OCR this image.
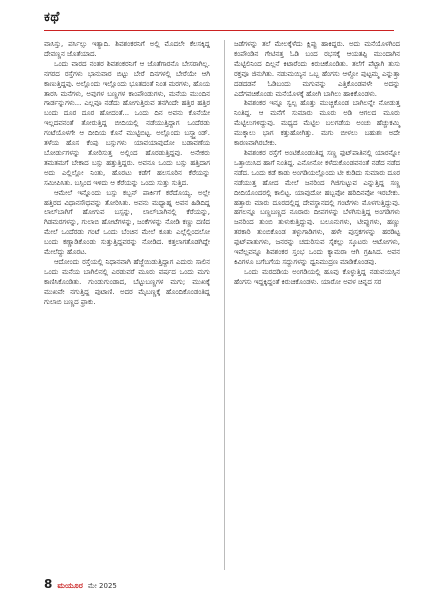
ಕಥೆ

ವಾಸಿಸ್ತು, ಪರ್ಸಿಲ್ಸು ಇತ್ಯಾದಿ. ಶಿವಶಂಕರನಿಗೆ ಅಲ್ಲಿ ಮೊದಲೇ ಕೆಲಸಕ್ಕಿದ್ದ ದೇವಣ್ಣನ ಜೊತೆಯಾದ.

ಒಂದು ವಾರದ ನಂತರ ಶಿವಶಂಕರನಿಗೆ ಆ ಜೊತೆಗಾರನೊ ಬೇಸರಾಗಿಲ್ಲ. ನಗರದ ರಸ್ತೆಗಳು ಭಾನುವಾರ ಬಿಟ್ಟು ಬೇರೆ ದಿನಗಳಲ್ಲಿ ಬೇರೆಯೇ ಆಗಿ ಕಾಣುತ್ತಿದ್ದವು. ಅಲ್ಲೊಂದು ಇಲ್ಲೊಂದು ಭೂತದಂತೆ ನಿಂತ ಮರಗಳು, ಹೊಯ ತಾರಸಿ ಮನೆಗಳು, ಅವುಗಳ ಬಣ್ಣಗಳ ಕಾಂಪೌಂಡುಗಳು, ಮನೆಯ ಮುಂದಿನ ಗಾರ್ಡನ್ನುಗಳು... ಎಲ್ಲವೂ ನಡೆದು ಹೋಗುತ್ತಿರುವ ತನಗಿಂದೇ ಹತ್ತಿರ ಹತ್ತಿರ ಬಂದು ದೂರ ದೂರ ಹೋದಂತೆ... ಒಂದು ದಿನ ಅವನು ಕೊನೆಯೇ ಇಲ್ಲದವನಂತೆ ತೋರುತ್ತಿದ್ದ ಬೀದಿಯಲ್ಲಿ ನಡೆಯುತ್ತಿದ್ದಾಗ ಒಂದೆರಡು ಗಂಟೆಯೊಳಗೇ ಆ ದೀದಿಯ ಕೊನೆ ಮುಟ್ಟಿಬಿಟ್ಟ. ಅಲ್ಲೊಂದು ಬಸ್ಸ್ಟ್ಯಾಂಡ್. ತಳೆಯ ಹೊಸ ಕೆಂಪು ಬಸ್ಸುಗಳು ಯಾವಯಾವುದೋ ಬಡಾವಣೆಯ ಬೋರ್ಡುಗಳನ್ನು ತೋರಿಸುತ್ತ ಅಲ್ಲಿಂದ ಹೊರಡುತ್ತಿದ್ದವು. ಅನೇಕರು ತಮತಮಗೆ ಬೇಕಾದ ಬಸ್ಸು ಹತ್ತುತ್ತಿದ್ದರು. ಅವನೂ ಒಂದು ಬಸ್ಸು ಹತ್ತಿದಾಗ ಅದು ಎಲ್ಲಿಲ್ಲೋ ನಿಂತು, ಹೊರಟು ಕಡೆಗೆ ಹಲಸೂರಿನ ಕೆರೆಯನ್ನು ಸಮೀಪಿಸಿತು. ಬಸ್ಸಿಂದ ಇಳಿದು ಆ ಕೆರೆಯನ್ನು ಒಂದು ಸುತ್ತು ಸುತ್ತಿದ.

ಆಮೇಲೆ ಇನ್ನೊಂದು ಬಸ್ಸು ಕಬ್ಬನ್ ಪಾರ್ಕಿಗೆ ಕರೆದೊಯ್ಯ. ಅಲ್ಲೇ ಹತ್ತಿರದ ವಿಧಾನಸೌಧವನ್ನು ತೋರಿಸಿತು. ಅವನು ಮಧ್ಯಾಹ್ನ ಅವನ ಹಿಡಿದಿದ್ದ ಲಾಲ್‌ಬಾಗಿಗೆ ಹೋಗುವ ಬಸ್ಸನ್ನು, ಲಾಲ್‌ಬಾಗಿನಲ್ಲಿ ಕೆರೆಯನ್ನು, ಗಿಡಮರಗಳನ್ನು, ಗುಲಾಬಿ ಹೋಟೆಗಳನ್ನು, ಜಂಕೆಗಳನ್ನು ನೋಡಿ ಕಣ್ಣು ದಣಿದ ಮೇಲೆ ಒಂದೆರಡು ಗಂಟೆ ಒಂದು ಬೆಂಚಿನ ಮೇಲೆ ಕೂತು ಎಲ್ಲೆಲ್ಲಿಂದಲೋ ಬಂದು ಕಣ್ಣಾಡಿಕೊಂಡು ಸುತ್ತುತ್ತಿದ್ದವರನ್ನು ನೋಡಿದ. ಕತ್ತಲಾಗತೊಡಗಿದ್ದೇ ಮೇಲೆದ್ದು ಹೊರಟ.

ಆದೋಂದು ರಸ್ತೆಯಲ್ಲಿ ನಿಧಾನವಾಗಿ ಹೆಜ್ಜೆಯಿಡುತ್ತಿದ್ದಾಗ ಎದುರು ಸಾಲಿನ ಒಂದು ಮನೆಯ ಬಾಗಿಲಿನಲ್ಲಿ ಎರಡುವರೆ ಮೂರು ವರ್ಷದ ಒಂದು ಮಗು ಕಾಣಿಸಿಕೊಂಡಿತು. ಗುಂಡುಗುಂಡಾದ, ಬೆಟ್ಟುಬಣ್ಣಗಳ ಮಗು; ಮುಖಕ್ಕೆ ಮುಖವೇ ನಗುತ್ತಿದ್ದ ಪುಟಾಣಿ. ಅದರ ಮೈಬಣ್ಣಕ್ಕೆ ಹೊಂದಿಕೊಂಡಂತಿದ್ದ ಗುಲಾಬಿ ಬಣ್ಣದ ಫ್ರಾಕು.

ಜಡೆಗಳನ್ನು ತಲೆ ಮೇಲಕ್ಕೆಳೆದು ಕ್ಲಿಪ್ಪು ಹಾಕಿದ್ದರು. ಅದು ಮನೆಯೊಳಗಿಂದ ಕಂಪೌಂಡಿನ ಗೇಟಿನತ್ತ ಓಡಿ ಬಂದ ರಭಸಕ್ಕೆ ಆಯತಪ್ಪಿ ಮುಂದಾಗಿನ ಮೆಟ್ಟಿಲಿನಿಂದ ದಿಲ್ಲನೆ ಕಿಟಾರೆಂದು ಕಿರುಚಿಕೊಂಡಿತು. ತಲೆಗೆ ಪೆಟ್ಟಾಗಿ ತುಸು ರಕ್ತವೂ ಜಿನುಗಿತು. ನಡುಮಯ್ಯಿನ ಒಬ್ಬ ಹೆಂಗಸು ಆಳ್ದೋ ಪುಟ್ಟಮ್ಮ ಎನ್ನುತ್ತಾ ದಡದಡನೆ ಓಡಿಬಂದು ಮಗುವನ್ನು ಎತ್ತಿಕೊಂಡವಳೇ ಅದನ್ನು ಎದೆಗವಚಿಕೊಂಡು ಮನೆಯೊಳಕ್ಕೆ ಹೋಗಿ ಬಾಗಿಲು ಹಾಕಿಕೊಂಡಳು.

ಶಿವಶಂಕರ ಇನ್ನೂ ಸ್ವಲ್ಪ ಹೊತ್ತು ಮುಚ್ಚಿಕೊಂಡ ಬಾಗಿಲನ್ನೇ ನೋಡುತ್ತ ನಿಂತಿದ್ದ. ಆ ಮನೆಗೆ ಸುಮಾರು ಮೂರು ಅಡಿ ಆಗಲದ ಮೂರು ಮೆಟ್ಟಿಲುಗಳಿದ್ದುವು. ಮಧ್ಯದ ಮೆಟ್ಟಿಲ ಬಲಗಡೆಯ ಅಂಚು ಹೆಚ್ಚುಕಮ್ಮಿ ಮುಕ್ಕಾಲು ಭಾಗ ಕತ್ತುಹೋಗಿತ್ತು. ಮಗು ಬೀಳಲು ಬಹುಶಃ ಅದೇ ಕಾರಣವಾಗಿರಬೇಕು.

ಶಿವಶಂಕರ ರಸ್ತೆಗೆ ಅಂಟಿಕೊಂಡಂತಿದ್ದ ಸಣ್ಣ ಫುಟ್‌ಪಾತಿನಲ್ಲಿ ಯಾರನ್ನೋ ಒತ್ತಾಯಿಸಿದ ಹಾಗೆ ನಿಂತಿದ್ದ. ಎನೋನೋ ಕಳೆದುಕೊಂಡವನಂತೆ ನಡೆದ ನಡೆದ ನಡೆದ. ಒಂದು ಕಡೆ ಕಾಡು ಅಂಗಡಿಯಲ್ಲೊಂದು ಟೀ ಕುಡಿದು ಸುಮಾರು ದೂರ ನಡೆಯುತ್ತ ಹೋದ ಮೇಲೆ ಜನರಿಂದ ಗಿಜಿಗುಟ್ಟುವ ಎನ್ನುತ್ತಿದ್ದ ಸಣ್ಣ ದೀದಿಯೊಂದರಲ್ಲಿ ಕಾಲಿಟ್ಟ. ಯಾವುದೋ ಹಬ್ಬವೋ ಹರಿದಿನವೋ ಇರಬೇಕು. ಹತ್ತಾರು ಮಾರು ದೂರದಲ್ಲಿದ್ದ ದೇವಸ್ಥಾನದಲ್ಲಿ ಗಂಟೆಗಳು ಮೊಳಗುತ್ತಿದ್ದುವು. ಹಗಲನ್ನೂ ಬಣ್ಣಬಣ್ಣದ ನೂರಾರು ದೀಪಗಳನ್ನು ಬೆಳಗಿಸುತ್ತಿದ್ದ ಅಂಗಡಿಗಳು ಜನರಿಂದ ತುಂಬಿ ತುಳುಕುತ್ತಿದ್ದುವು. ಬಲೂನುಗಳು, ಟೀಪ್ಪುಗಳು, ಹಣ್ಣು ತರಕಾರಿ ತುಂಬಿಕೊಂಡ ತಳ್ಳುಗಾಡಿಗಳು, ಹಳೇ ಪುಸ್ತಕಗಳನ್ನು ಹರಡಿಟ್ಟ ಫುಟ್‌ಪಾತುಗಳು, ಜನರನ್ನು ಚದುರಿಸುವ ಸೈಕಲ್ಲು ಸ್ಕೂಟರು ಆಟೋಗಳು, ಇವೆಲ್ಲವನ್ನೂ ಶಿವಶಂಕರ ಸ್ತಂಭ ಒಂದು ಕ್ಯಾಮರಾ ಆಗಿ ಗ್ರಹಿಸಿದ. ಅವನ ಕಿವಿಗಳೂ ಬಗೆಬಗೆಯ ಸದ್ದುಗಳನ್ನು ಧ್ವನಿಮುದ್ರಣ ಮಾಡಿಕೊಂಡವು.

ಒಂದು ಮರದಡಿಯ ಅಂಗಡಿಯಲ್ಲಿ ಹೂವು ಕೊಳ್ಳುತ್ತಿದ್ದ ನಡುವಯಸ್ಸಿನ ಹೆಂಗಸು ಇದ್ದಕ್ಕಿದ್ದಂತೆ ಕಿರುಚಿಕೊಂಡಳು. ಯಾರೋ ಅವಳ ಚಿನ್ನದ ಸರ

8 ಮಯೂರ ಮೇ 2025
